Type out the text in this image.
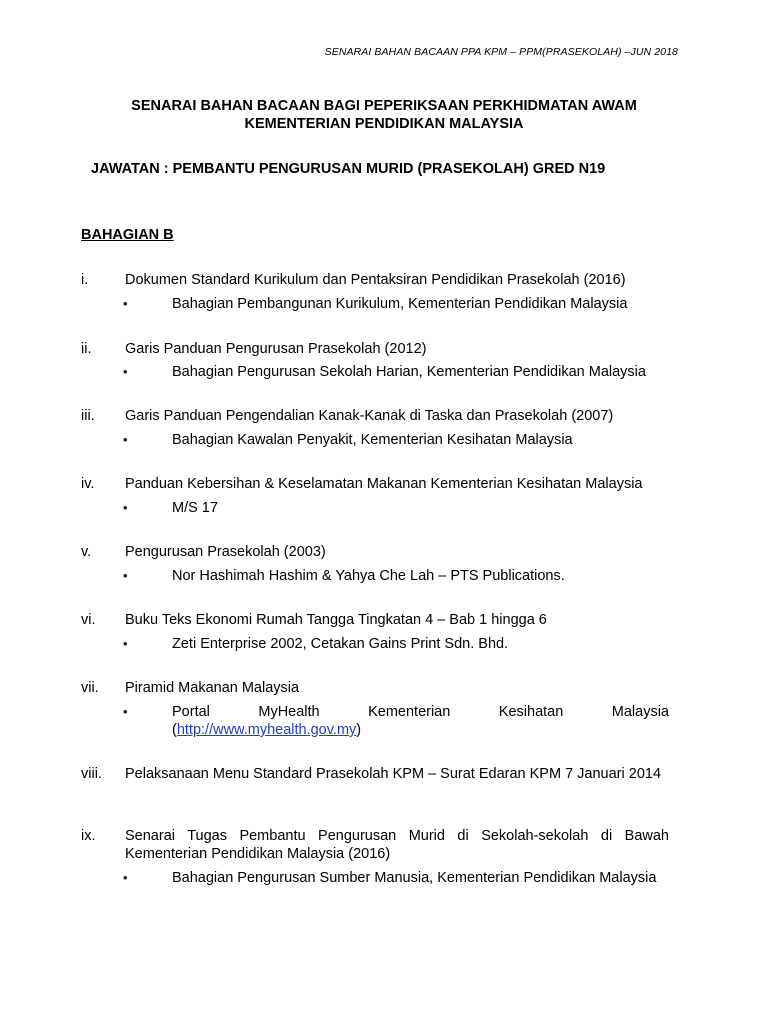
SENARAI BAHAN BACAAN PPA KPM – PPM(PRASEKOLAH) –JUN 2018
SENARAI BAHAN BACAAN BAGI PEPERIKSAAN PERKHIDMATAN AWAM
KEMENTERIAN PENDIDIKAN MALAYSIA
JAWATAN : PEMBANTU PENGURUSAN MURID (PRASEKOLAH) GRED N19
BAHAGIAN B
i.	Dokumen Standard Kurikulum dan Pentaksiran Pendidikan Prasekolah (2016)
•	Bahagian Pembangunan Kurikulum, Kementerian Pendidikan Malaysia
ii. Garis Panduan Pengurusan Prasekolah (2012)
•	Bahagian Pengurusan Sekolah Harian, Kementerian Pendidikan Malaysia
iii. Garis Panduan Pengendalian Kanak-Kanak di Taska dan Prasekolah (2007)
•	Bahagian Kawalan Penyakit, Kementerian Kesihatan Malaysia
iv. Panduan Kebersihan & Keselamatan Makanan Kementerian Kesihatan Malaysia
•	M/S 17
v. Pengurusan Prasekolah (2003)
•	Nor Hashimah Hashim & Yahya Che Lah – PTS Publications.
vi. Buku Teks Ekonomi Rumah Tangga Tingkatan 4 – Bab 1 hingga 6
•	Zeti Enterprise 2002, Cetakan Gains Print Sdn. Bhd.
vii. Piramid Makanan Malaysia
•	Portal MyHealth Kementerian Kesihatan Malaysia
(http://www.myhealth.gov.my)
viii. Pelaksanaan Menu Standard Prasekolah KPM – Surat Edaran KPM 7 Januari 2014
ix. Senarai Tugas Pembantu Pengurusan Murid di Sekolah-sekolah di Bawah Kementerian Pendidikan Malaysia (2016)
•	Bahagian Pengurusan Sumber Manusia, Kementerian Pendidikan Malaysia
